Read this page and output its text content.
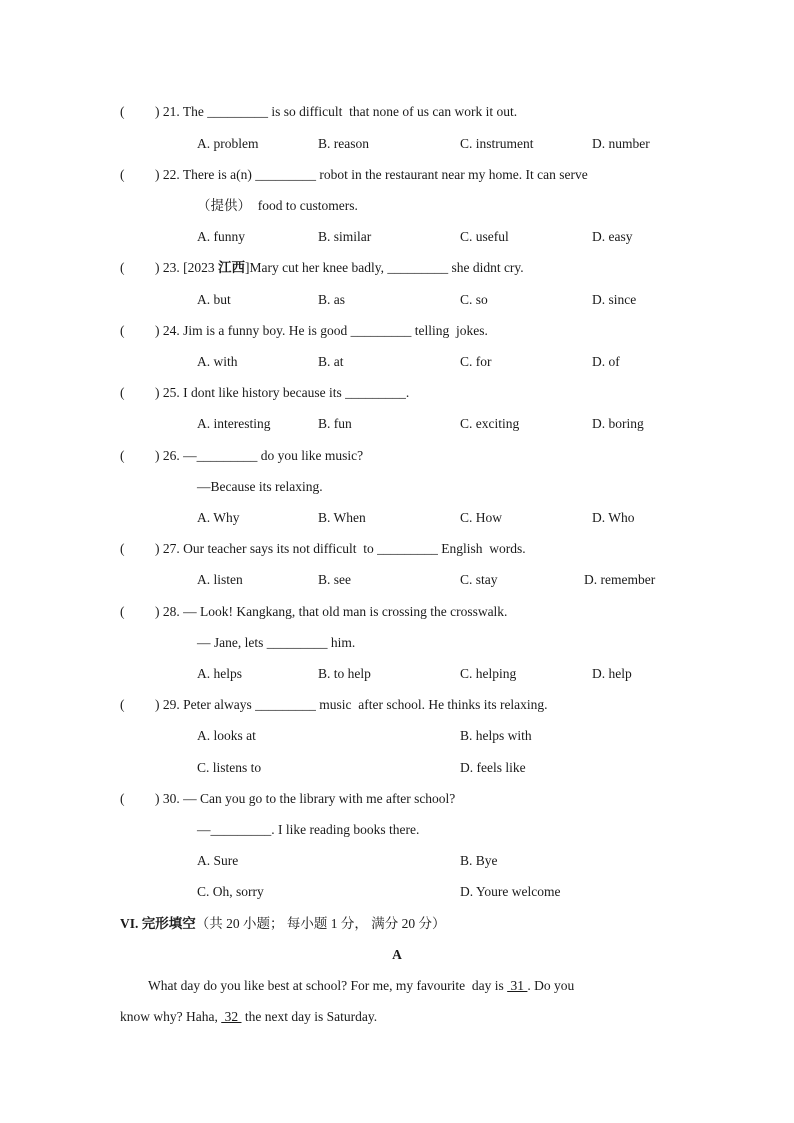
( ) 21. The _________ is so difficult  that none of us can work it out.
A. problem	B. reason	C. instrument	D. number
( ) 22. There is a(n) _________ robot in the restaurant near my home. It can serve
（提供）  food to customers.
A. funny	B. similar	C. useful	D. easy
( ) 23. [2023 江西]Mary cut her knee badly, _________ she didnt cry.
A. but	B. as	C. so	D. since
( ) 24. Jim is a funny boy. He is good _________ telling  jokes.
A. with	B. at	C. for	D. of
( ) 25. I dont like history because its _________.
A. interesting	B. fun	C. exciting	D. boring
( ) 26. —_________ do you like music?
—Because its relaxing.
A. Why	B. When	C. How	D. Who
( ) 27. Our teacher says its not difficult  to _________ English  words.
A. listen	B. see	C. stay	D. remember
( ) 28. — Look! Kangkang, that old man is crossing the crosswalk.
— Jane, lets _________ him.
A. helps	B. to help	C. helping	D. help
( ) 29. Peter always _________ music  after school. He thinks its relaxing.
A. looks at	B. helps with
C. listens to	D. feels like
( ) 30. — Can you go to the library with me after school?
—_________. I like reading books there.
A. Sure	B. Bye
C. Oh, sorry	D. Youre welcome
VI. 完形填空（共 20 小题； 每小题 1 分， 满分 20 分）
A
What day do you like best at school? For me, my favourite  day is  31 . Do you
know why? Haha,  32  the next day is Saturday.
